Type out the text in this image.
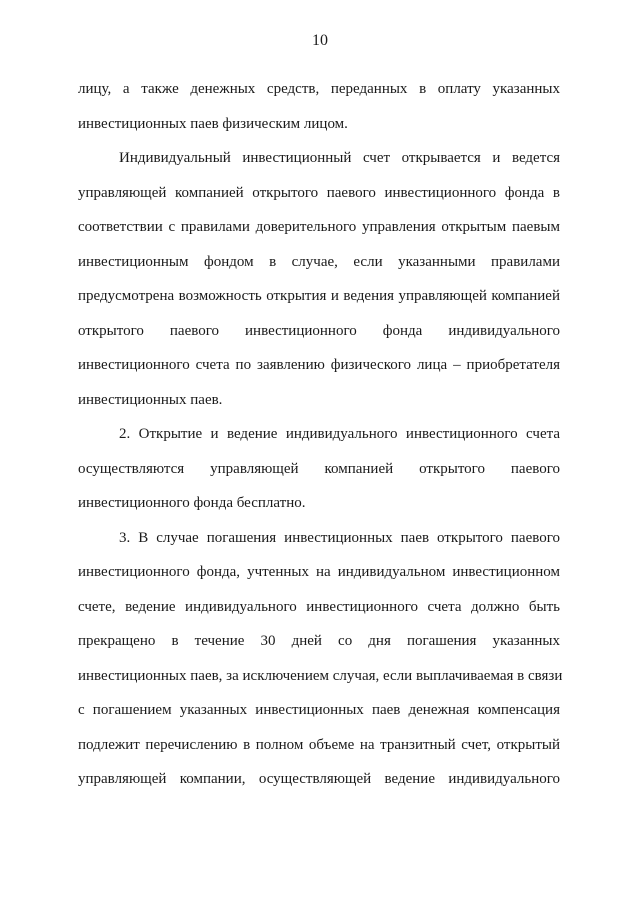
10
лицу, а также денежных средств, переданных в оплату указанных
инвестиционных паев физическим лицом.
Индивидуальный инвестиционный счет открывается и ведется
управляющей компанией открытого паевого инвестиционного фонда в
соответствии с правилами доверительного управления открытым паевым
инвестиционным фондом в случае, если указанными правилами
предусмотрена возможность открытия и ведения управляющей компанией
открытого паевого инвестиционного фонда индивидуального
инвестиционного счета по заявлению физического лица – приобретателя
инвестиционных паев.
2. Открытие и ведение индивидуального инвестиционного счета
осуществляются управляющей компанией открытого паевого
инвестиционного фонда бесплатно.
3. В случае погашения инвестиционных паев открытого паевого
инвестиционного фонда, учтенных на индивидуальном инвестиционном
счете, ведение индивидуального инвестиционного счета должно быть
прекращено в течение 30 дней со дня погашения указанных
инвестиционных паев, за исключением случая, если выплачиваемая в связи
с погашением указанных инвестиционных паев денежная компенсация
подлежит перечислению в полном объеме на транзитный счет, открытый
управляющей компании, осуществляющей ведение индивидуального
